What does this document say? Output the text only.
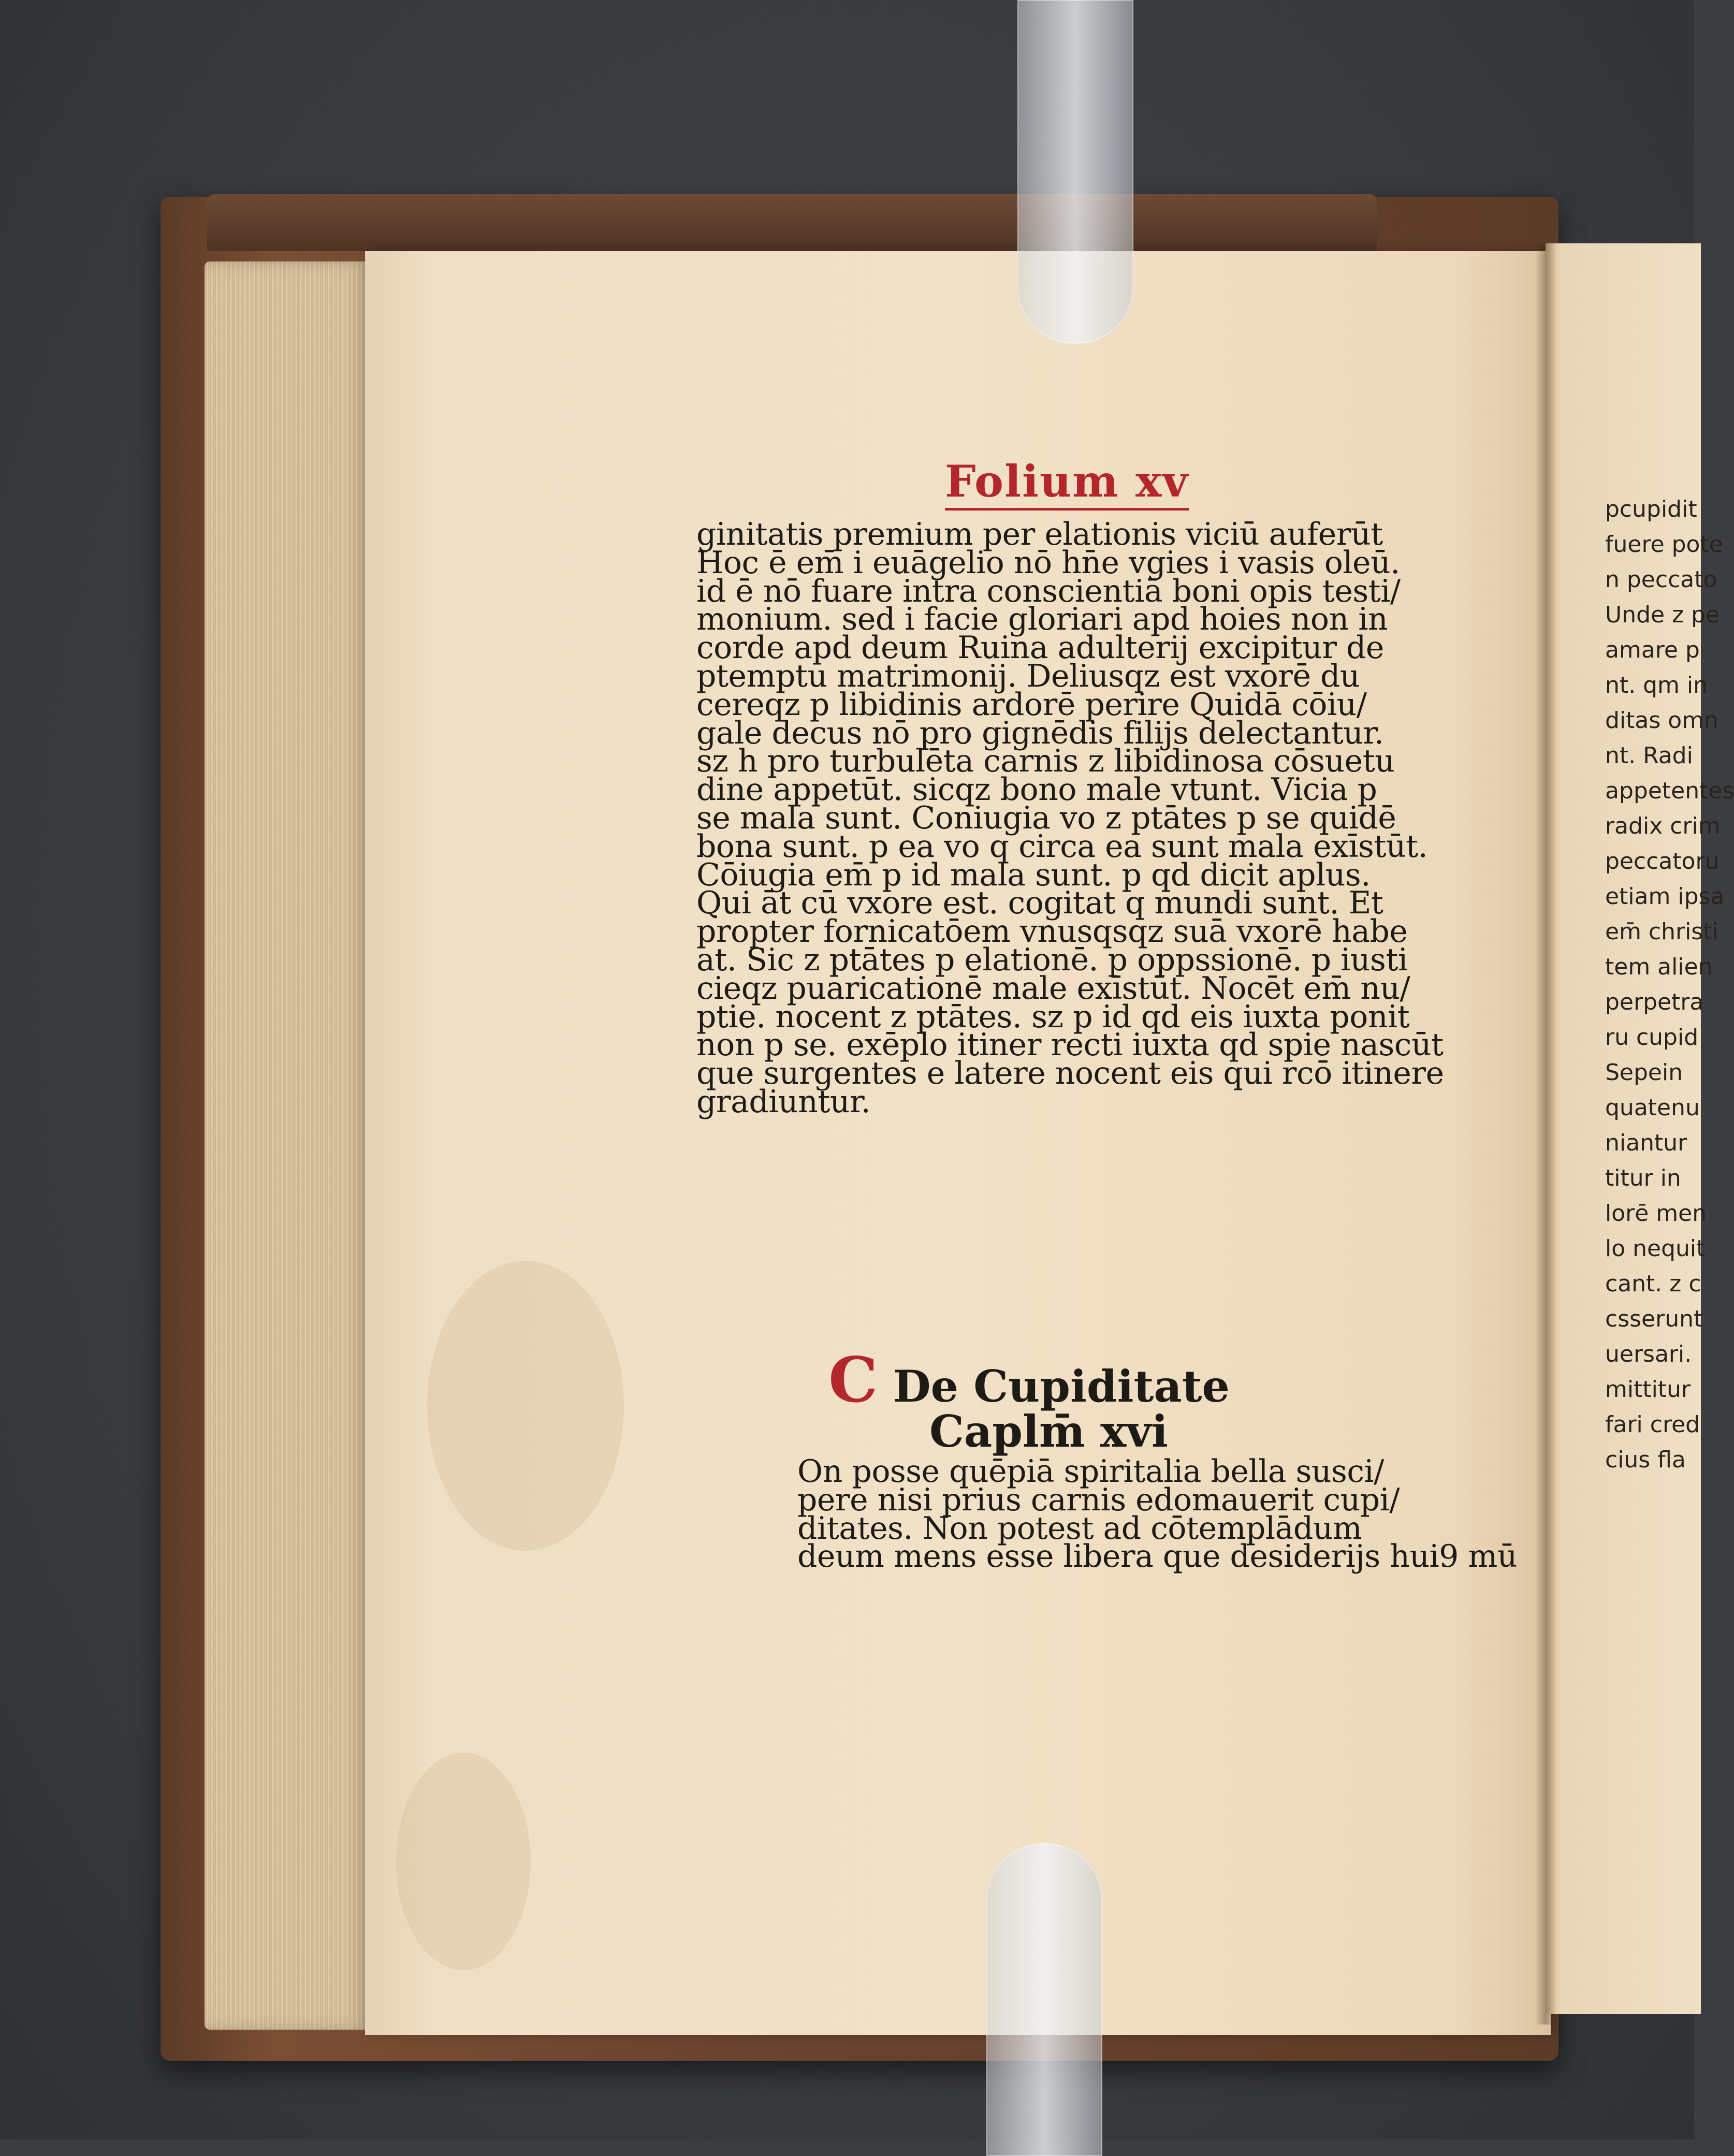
pcupidit
fuere pote
n peccato
Unde z pe
amare p
nt. qm in
ditas omn
nt. Radi
appetentes
radix crim
peccatoru
etiam ipsa
em̄ christi
tem alien
perpetra
ru cupid
Sepein
quatenu
niantur
titur in
lorē men
lo nequit
cant. z c
csserunt
uersari.
mittitur
fari cred
cius fla
Folium xv
ginitatis premium per elationis viciū auferūt
Hoc ē em̄ i euāgelio nō hn̄e vgies i vasis oleū.
id ē nō fuare intra conscientiā boni opis testi/
monium. sed i facie gloriari apd hoies non in
corde apd deum Ruina adulterij excipitur de
ptemptu matrimonij. Deliusqz est vxorē du
cereqz p libidinis ardorē perire Quidā cōiu/
gale decus nō pro gignēdis filijs delectantur.
sz h pro turbulēta carnis z libidinosa cōsuetu
dine appetūt. sicqz bono male vtunt. Vicia p
se mala sunt. Coniugia vo z ptātes p se quidē
bona sunt. p ea vo q circa ea sunt mala exīstūt.
Cōiugia em̄ p id mala sunt. p qd dicit aplus.
Qui āt cū vxore est. cogitat q mundi sunt. Et
propter fornicatōem vnusqsqz suā vxorē habe
at. Sic z ptātes p elationē. p oppssionē. p iusti
cieqz puaricationē male exīstūt. Nocēt em̄ nu/
ptie. nocent z ptātes. sz p id qd eis iuxta ponit
non p se. exēplo itiner recti iuxta qd spie nascūt
que surgentes e latere nocent eis qui rcō itinere
gradiuntur.
C De Cupiditate
Caplm̄ xvi
On posse quēpiā spiritalia bella susci/
pere nisi prius carnis edomauerit cupi/
ditates. Non potest ad cōtemplādum
deum mens esse libera que desiderijs hui9 mū
